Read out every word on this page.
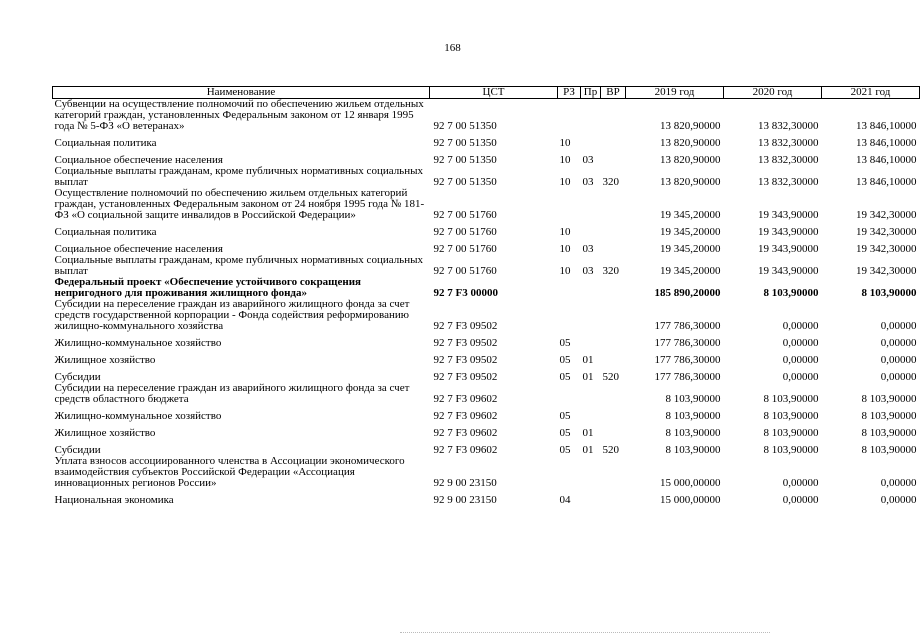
168
Наименование	ЦСТ	РЗ	Пр	ВР	2019 год	2020 год	2021 год
Субвенции на осуществление полномочий по обеспечению жильем отдельных категорий граждан, установленных Федеральным законом от 12 января 1995 года № 5-ФЗ «О ветеранах»	92 7 00 51350				13 820,90000	13 832,30000	13 846,10000
Социальная политика	92 7 00 51350	10			13 820,90000	13 832,30000	13 846,10000
Социальное обеспечение населения	92 7 00 51350	10	03		13 820,90000	13 832,30000	13 846,10000
Социальные выплаты гражданам, кроме публичных нормативных социальных выплат	92 7 00 51350	10	03	320	13 820,90000	13 832,30000	13 846,10000
Осуществление полномочий по обеспечению жильем отдельных категорий граждан, установленных Федеральным законом от 24 ноября 1995 года № 181-ФЗ «О социальной защите инвалидов в Российской Федерации»	92 7 00 51760				19 345,20000	19 343,90000	19 342,30000
Социальная политика	92 7 00 51760	10			19 345,20000	19 343,90000	19 342,30000
Социальное обеспечение населения	92 7 00 51760	10	03		19 345,20000	19 343,90000	19 342,30000
Социальные выплаты гражданам, кроме публичных нормативных социальных выплат	92 7 00 51760	10	03	320	19 345,20000	19 343,90000	19 342,30000
Федеральный проект «Обеспечение устойчивого сокращения непригодного для проживания жилищного фонда»	92 7 F3 00000				185 890,20000	8 103,90000	8 103,90000
Субсидии на переселение граждан из аварийного жилищного фонда за счет средств государственной корпорации - Фонда содействия реформированию жилищно-коммунального хозяйства	92 7 F3 09502				177 786,30000	0,00000	0,00000
Жилищно-коммунальное хозяйство	92 7 F3 09502	05			177 786,30000	0,00000	0,00000
Жилищное хозяйство	92 7 F3 09502	05	01		177 786,30000	0,00000	0,00000
Субсидии	92 7 F3 09502	05	01	520	177 786,30000	0,00000	0,00000
Субсидии на переселение граждан из аварийного жилищного фонда за счет средств областного бюджета	92 7 F3 09602				8 103,90000	8 103,90000	8 103,90000
Жилищно-коммунальное хозяйство	92 7 F3 09602	05			8 103,90000	8 103,90000	8 103,90000
Жилищное хозяйство	92 7 F3 09602	05	01		8 103,90000	8 103,90000	8 103,90000
Субсидии	92 7 F3 09602	05	01	520	8 103,90000	8 103,90000	8 103,90000
Уплата взносов ассоциированного членства в Ассоциации экономического взаимодействия субъектов Российской Федерации «Ассоциация инновационных регионов России»	92 9 00 23150				15 000,00000	0,00000	0,00000
Национальная экономика	92 9 00 23150	04			15 000,00000	0,00000	0,00000
